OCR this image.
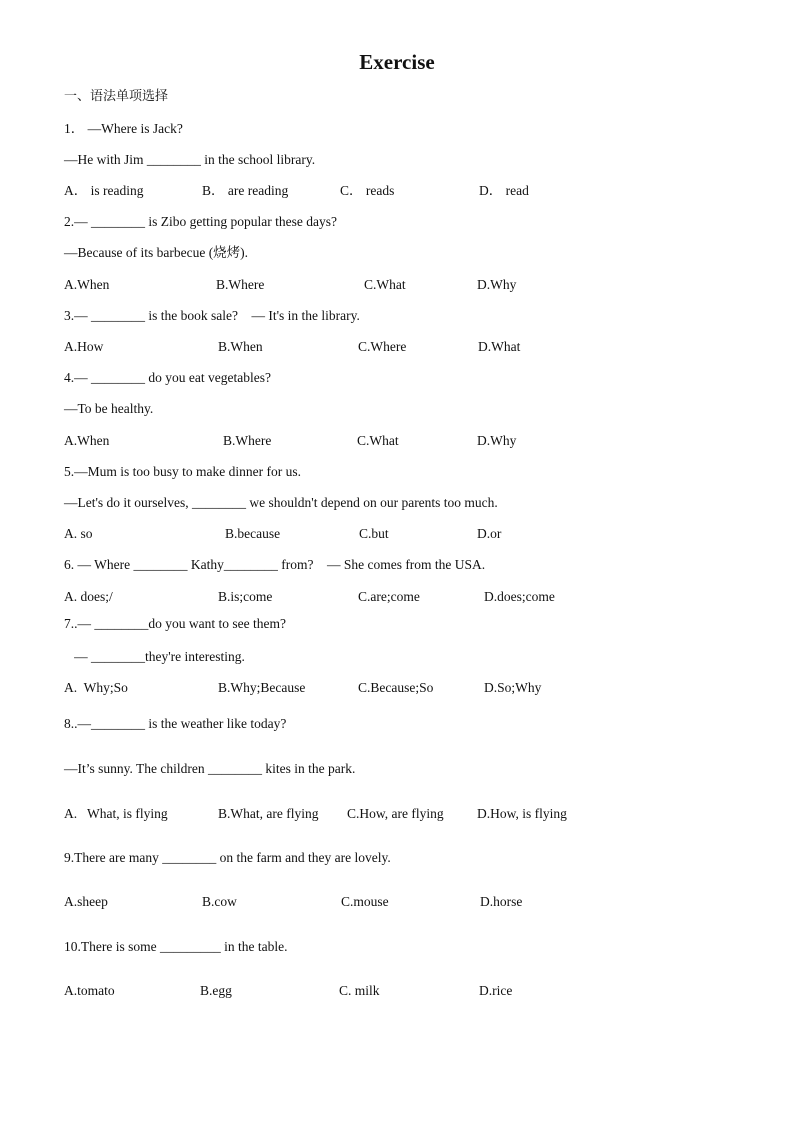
Exercise
一、语法单项选择
1． —Where is Jack?
—He with Jim ________ in the school library.

A． is reading

	B． are reading

	C． reads

	D． read

2.— ________ is Zibo getting popular these days?
—Because of its barbecue (烧烤).

A.When

	B.Where

	C.What

	D.Why

3.— ________ is the book sale?    — It's in the library.

A.How

	B.When

	C.Where

	D.What

4.— ________ do you eat vegetables?
—To be healthy.

A.When

	B.Where

	C.What

	D.Why

5.—Mum is too busy to make dinner for us.
—Let's do it ourselves, ________ we shouldn't depend on our parents too much.

A. so

	B.because

	C.but

	D.or

6. — Where ________ Kathy________ from?    — She comes from the USA.

A. does;/

	B.is;come

	C.are;come

	D.does;come

7..— ________do you want to see them?
— ________they're interesting.

A.  Why;So

	B.Why;Because

	C.Because;So

	D.So;Why

8..—________ is the weather like today?
—It’s sunny. The children ________ kites in the park.

A.   What, is flying

	B.What, are flying

C.How, are flying

D.How, is flying

9.There are many ________ on the farm and they are lovely.

A.sheep

	B.cow

	C.mouse

	D.horse

10.There is some _________ in the table.

A.tomato

	B.egg

	C. milk

	D.rice
